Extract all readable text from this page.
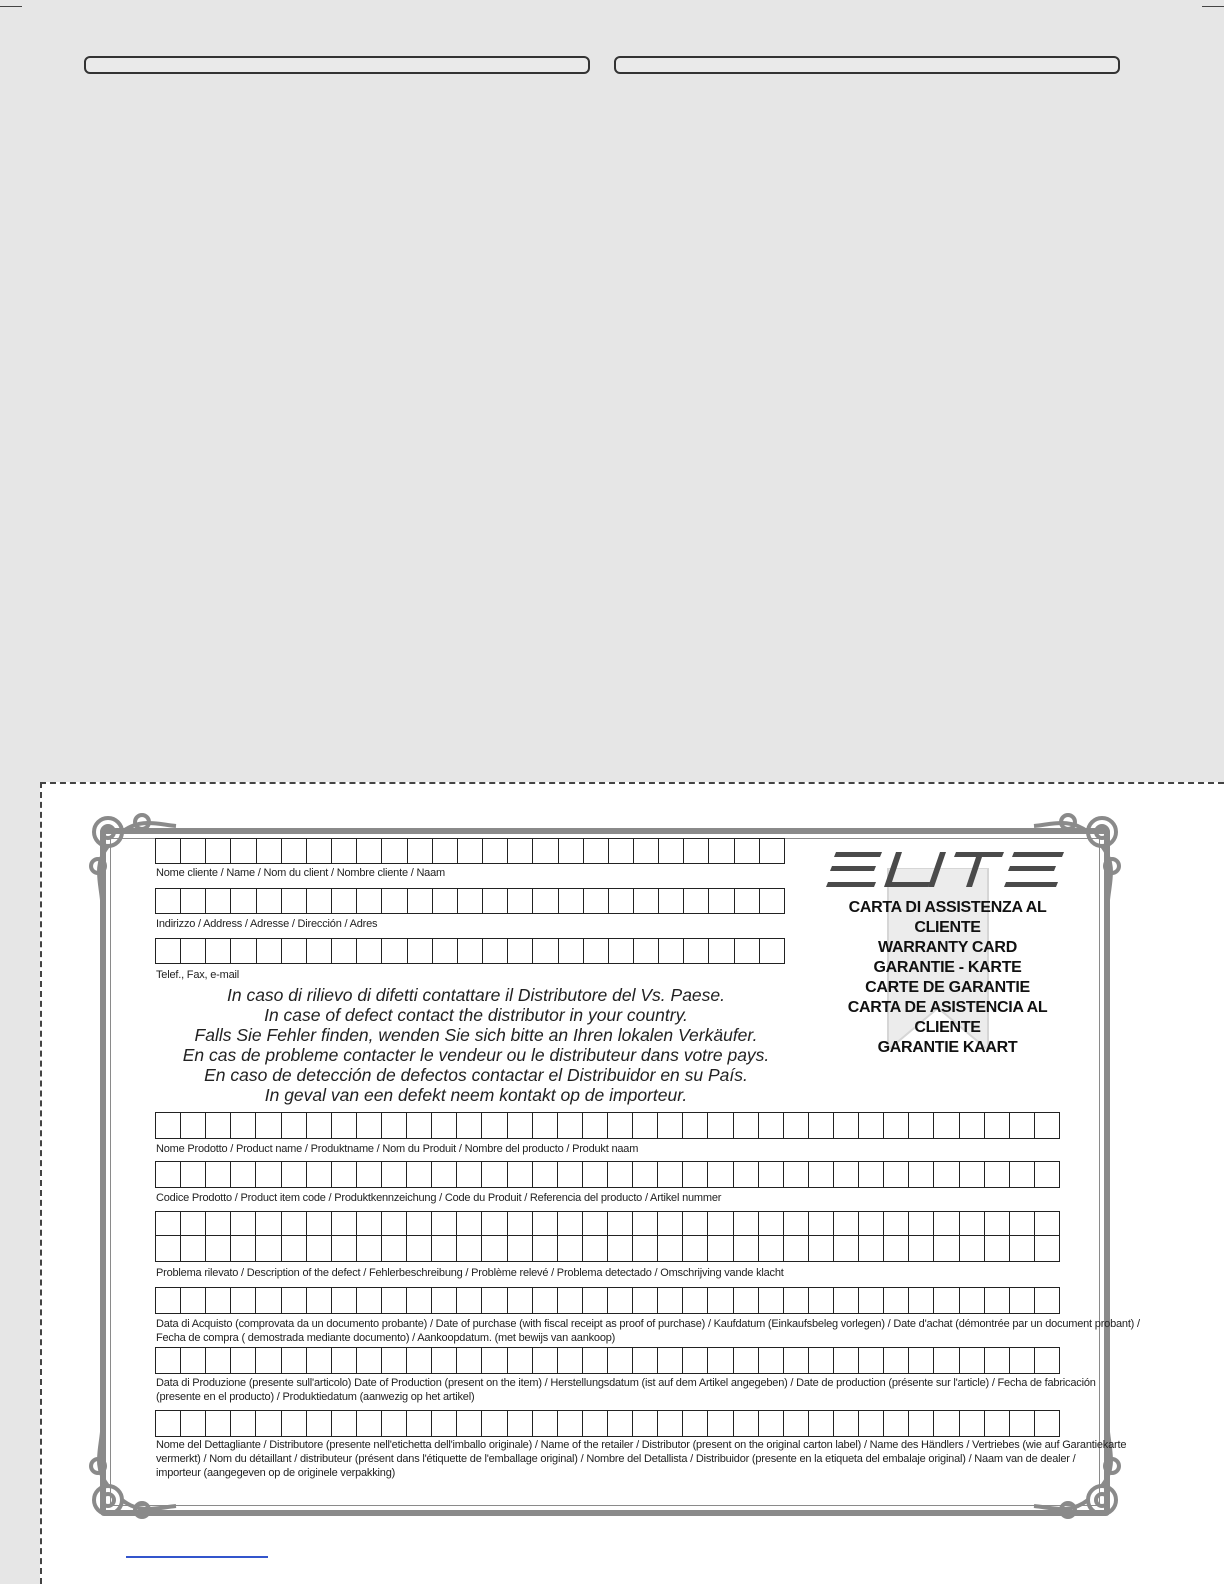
CARTA DI ASSISTENZA AL CLIENTE
WARRANTY CARD
GARANTIE - KARTE
CARTE DE GARANTIE
CARTA DE ASISTENCIA AL CLIENTE
GARANTIE KAART
Nome cliente / Name / Nom du client / Nombre cliente / Naam
Indirizzo / Address / Adresse / Dirección / Adres
Telef., Fax, e-mail
In caso di rilievo di difetti contattare il Distributore del Vs. Paese.
In case of defect contact the distributor in your country.
Falls Sie Fehler finden, wenden Sie sich bitte an Ihren lokalen Verkäufer.
En cas de probleme contacter le vendeur ou le distributeur dans votre pays.
En caso de detección de defectos contactar el Distribuidor en su País.
In geval van een defekt neem kontakt op de importeur.
Nome Prodotto / Product name / Produktname / Nom du Produit / Nombre del producto / Produkt naam
Codice Prodotto / Product item code / Produktkennzeichung / Code du Produit / Referencia del producto / Artikel nummer
Problema rilevato / Description of the defect / Fehlerbeschreibung / Problème relevé / Problema detectado / Omschrijving vande klacht
Data di Acquisto (comprovata da un documento probante) / Date of purchase (with fiscal receipt as proof of purchase) / Kaufdatum (Einkaufsbeleg vorlegen) / Date d'achat (démontrée par un document probant) /
Fecha de compra ( demostrada mediante documento) / Aankoopdatum. (met bewijs van aankoop)
Data di Produzione (presente sull'articolo) Date of Production (present on the item) / Herstellungsdatum (ist auf dem Artikel angegeben) / Date de production (présente sur l'article) / Fecha de fabricación
(presente en el producto) / Produktiedatum (aanwezig op het artikel)
Nome del Dettagliante / Distributore (presente nell'etichetta dell'imballo originale) / Name of the retailer / Distributor (present on the original carton label) / Name des Händlers / Vertriebes (wie auf Garantiekarte
vermerkt) / Nom du détaillant / distributeur (présent dans l'étiquette de l'emballage original) / Nombre del Detallista / Distribuidor (presente en la etiqueta del embalaje original) / Naam van de dealer /
importeur (aangegeven op de originele verpakking)
